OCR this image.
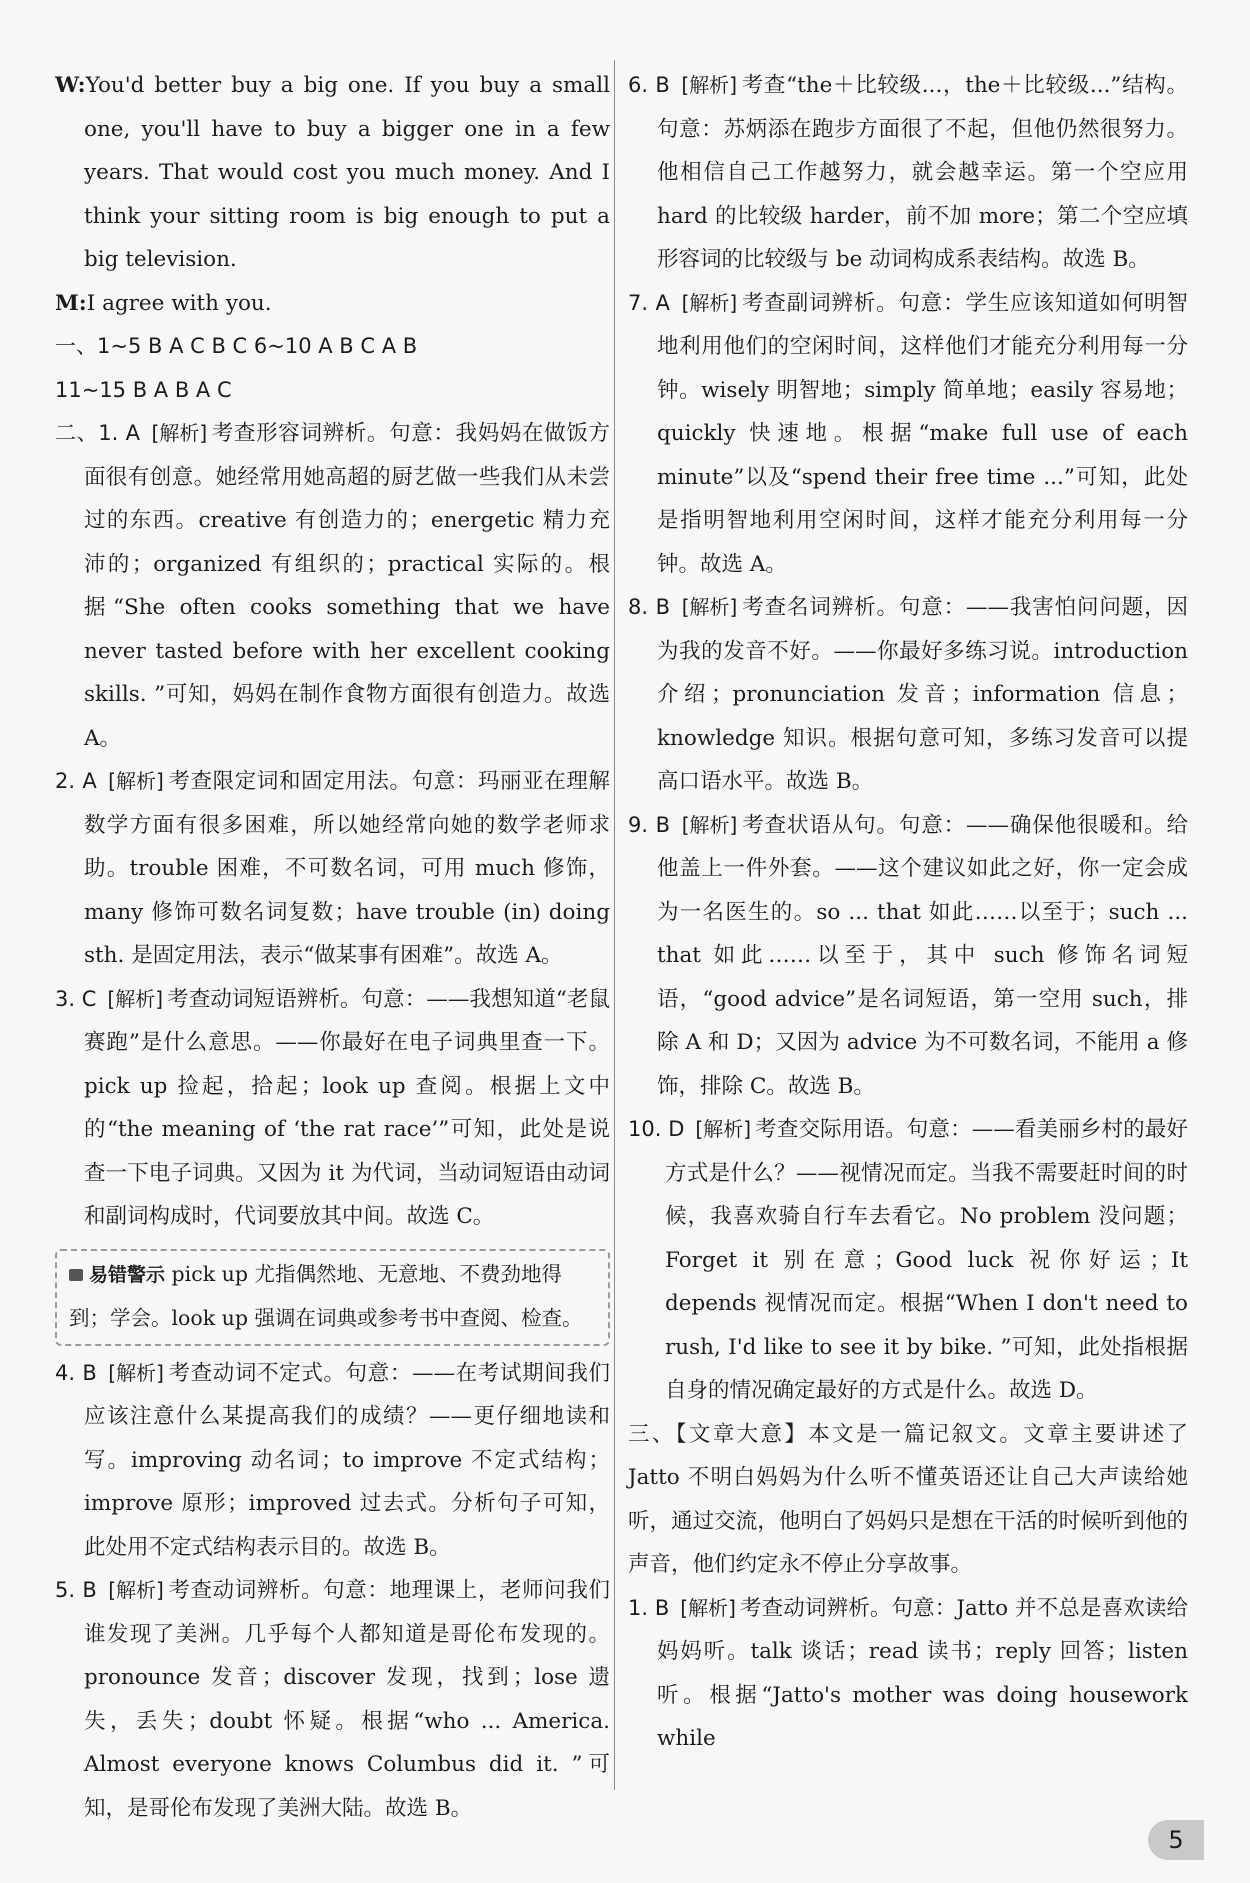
W:You'd better buy a big one. If you buy a small one, you'll have to buy a bigger one in a few years. That would cost you much money. And I think your sitting room is big enough to put a big television.

M:I agree with you.

一、1~5 B A C B C 6~10 A B C A B

11~15 B A B A C

二、1. A [ 解析 ] 考查形容词辨析。句意：我妈妈在做饭方面很有创意。她经常用她高超的厨艺做一些我们从未尝过的东西。creative 有创造力的；energetic 精力充沛的；organized 有组织的；practical 实际的。根据“She often cooks something that we have never tasted before with her excellent cooking skills. ”可知，妈妈在制作食物方面很有创造力。故选 A。

2. A [ 解析 ] 考查限定词和固定用法。句意：玛丽亚在理解数学方面有很多困难，所以她经常向她的数学老师求助。trouble 困难，不可数名词，可用 much 修饰，many 修饰可数名词复数；have trouble (in) doing sth. 是固定用法，表示“做某事有困难”。故选 A。

3. C [ 解析 ] 考查动词短语辨析。句意：——我想知道“老鼠赛跑”是什么意思。——你最好在电子词典里查一下。pick up 捡起，拾起；look up 查阅。根据上文中的“the meaning of ‘the rat race’”可知，此处是说查一下电子词典。又因为 it 为代词，当动词短语由动词和副词构成时，代词要放其中间。故选 C。

易错警示 pick up 尤指偶然地、无意地、不费劲地得到；学会。look up 强调在词典或参考书中查阅、检查。

4. B [ 解析 ] 考查动词不定式。句意：——在考试期间我们应该注意什么某提高我们的成绩？——更仔细地读和写。improving 动名词；to improve 不定式结构；improve 原形；improved 过去式。分析句子可知，此处用不定式结构表示目的。故选 B。

5. B [ 解析 ] 考查动词辨析。句意：地理课上，老师问我们谁发现了美洲。几乎每个人都知道是哥伦布发现的。pronounce 发音；discover 发现，找到；lose 遗失，丢失；doubt 怀疑。根据“who ... America. Almost everyone knows Columbus did it. ”可知，是哥伦布发现了美洲大陆。故选 B。

6. B [ 解析 ] 考查“the＋比较级...，the＋比较级...”结构。句意：苏炳添在跑步方面很了不起，但他仍然很努力。他相信自己工作越努力，就会越幸运。第一个空应用 hard 的比较级 harder，前不加 more；第二个空应填形容词的比较级与 be 动词构成系表结构。故选 B。

7. A [ 解析 ] 考查副词辨析。句意：学生应该知道如何明智地利用他们的空闲时间，这样他们才能充分利用每一分钟。wisely 明智地；simply 简单地；easily 容易地；quickly 快速地。根据“make full use of each minute”以及“spend their free time ...”可知，此处是指明智地利用空闲时间，这样才能充分利用每一分钟。故选 A。

8. B [ 解析 ] 考查名词辨析。句意：——我害怕问问题，因为我的发音不好。——你最好多练习说。introduction 介绍；pronunciation 发音；information 信息；knowledge 知识。根据句意可知，多练习发音可以提高口语水平。故选 B。

9. B [ 解析 ] 考查状语从句。句意：——确保他很暖和。给他盖上一件外套。——这个建议如此之好，你一定会成为一名医生的。so ... that 如此……以至于；such ... that 如此……以至于，其中 such 修饰名词短语，“good advice”是名词短语，第一空用 such，排除 A 和 D；又因为 advice 为不可数名词，不能用 a 修饰，排除 C。故选 B。

10. D [ 解析 ] 考查交际用语。句意：——看美丽乡村的最好方式是什么？——视情况而定。当我不需要赶时间的时候，我喜欢骑自行车去看它。No problem 没问题；Forget it 别在意；Good luck 祝你好运；It depends 视情况而定。根据“When I don't need to rush, I'd like to see it by bike. ”可知，此处指根据自身的情况确定最好的方式是什么。故选 D。

三、【文章大意】本文是一篇记叙文。文章主要讲述了 Jatto 不明白妈妈为什么听不懂英语还让自己大声读给她听，通过交流，他明白了妈妈只是想在干活的时候听到他的声音，他们约定永不停止分享故事。

1. B [ 解析 ] 考查动词辨析。句意：Jatto 并不总是喜欢读给妈妈听。talk 谈话；read 读书；reply 回答；listen 听。根据“Jatto's mother was doing housework while

5
